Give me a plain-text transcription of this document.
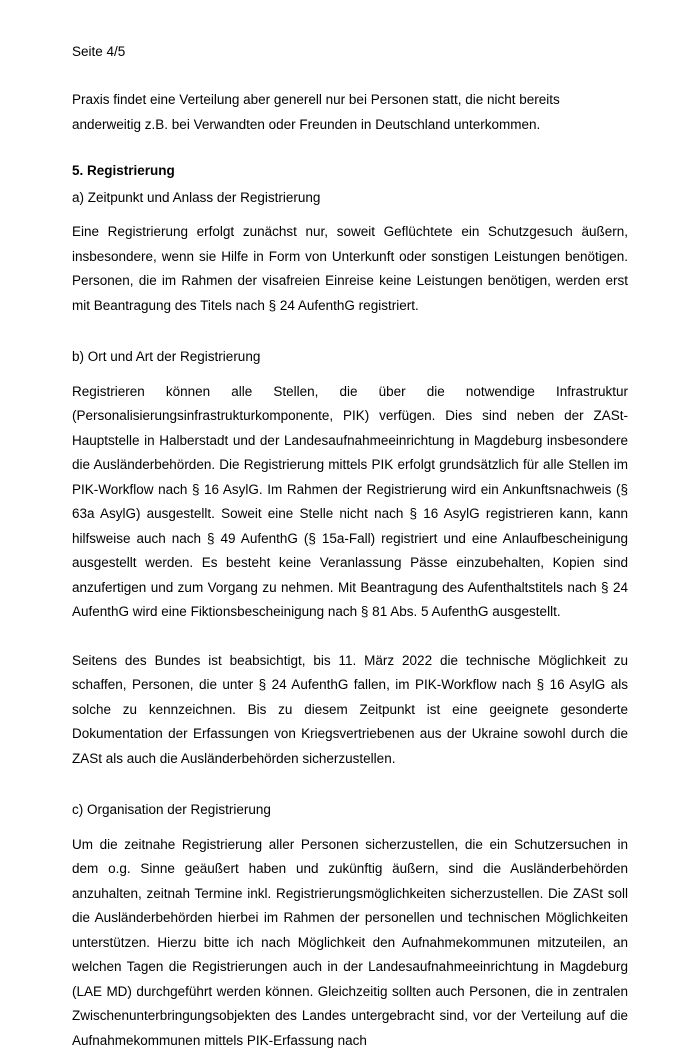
Seite 4/5

Praxis findet eine Verteilung aber generell nur bei Personen statt, die nicht bereits anderweitig z.B. bei Verwandten oder Freunden in Deutschland unterkommen.

5. Registrierung

a) Zeitpunkt und Anlass der Registrierung

Eine Registrierung erfolgt zunächst nur, soweit Geflüchtete ein Schutzgesuch äußern, insbesondere, wenn sie Hilfe in Form von Unterkunft oder sonstigen Leistungen benötigen. Personen, die im Rahmen der visafreien Einreise keine Leistungen benötigen, werden erst mit Beantragung des Titels nach § 24 AufenthG registriert.

b) Ort und Art der Registrierung

Registrieren können alle Stellen, die über die notwendige Infrastruktur (Personalisierungsinfrastrukturkomponente, PIK) verfügen. Dies sind neben der ZASt-Hauptstelle in Halberstadt und der Landesaufnahmeeinrichtung in Magdeburg insbesondere die Ausländerbehörden. Die Registrierung mittels PIK erfolgt grundsätzlich für alle Stellen im PIK-Workflow nach § 16 AsylG. Im Rahmen der Registrierung wird ein Ankunftsnachweis (§ 63a AsylG) ausgestellt. Soweit eine Stelle nicht nach § 16 AsylG registrieren kann, kann hilfsweise auch nach § 49 AufenthG (§ 15a-Fall) registriert und eine Anlaufbescheinigung ausgestellt werden. Es besteht keine Veranlassung Pässe einzubehalten, Kopien sind anzufertigen und zum Vorgang zu nehmen. Mit Beantragung des Aufenthaltstitels nach § 24 AufenthG wird eine Fiktionsbescheinigung nach § 81 Abs. 5 AufenthG ausgestellt.

Seitens des Bundes ist beabsichtigt, bis 11. März 2022 die technische Möglichkeit zu schaffen, Personen, die unter § 24 AufenthG fallen, im PIK-Workflow nach § 16 AsylG als solche zu kennzeichnen. Bis zu diesem Zeitpunkt ist eine geeignete gesonderte Dokumentation der Erfassungen von Kriegsvertriebenen aus der Ukraine sowohl durch die ZASt als auch die Ausländerbehörden sicherzustellen.

c) Organisation der Registrierung

Um die zeitnahe Registrierung aller Personen sicherzustellen, die ein Schutzersuchen in dem o.g. Sinne geäußert haben und zukünftig äußern, sind die Ausländerbehörden anzuhalten, zeitnah Termine inkl. Registrierungsmöglichkeiten sicherzustellen. Die ZASt soll die Ausländerbehörden hierbei im Rahmen der personellen und technischen Möglichkeiten unterstützen. Hierzu bitte ich nach Möglichkeit den Aufnahmekommunen mitzuteilen, an welchen Tagen die Registrierungen auch in der Landesaufnahmeeinrichtung in Magdeburg (LAE MD) durchgeführt werden können. Gleichzeitig sollten auch Personen, die in zentralen Zwischenunterbringungsobjekten des Landes untergebracht sind, vor der Verteilung auf die Aufnahmekommunen mittels PIK-Erfassung nach
